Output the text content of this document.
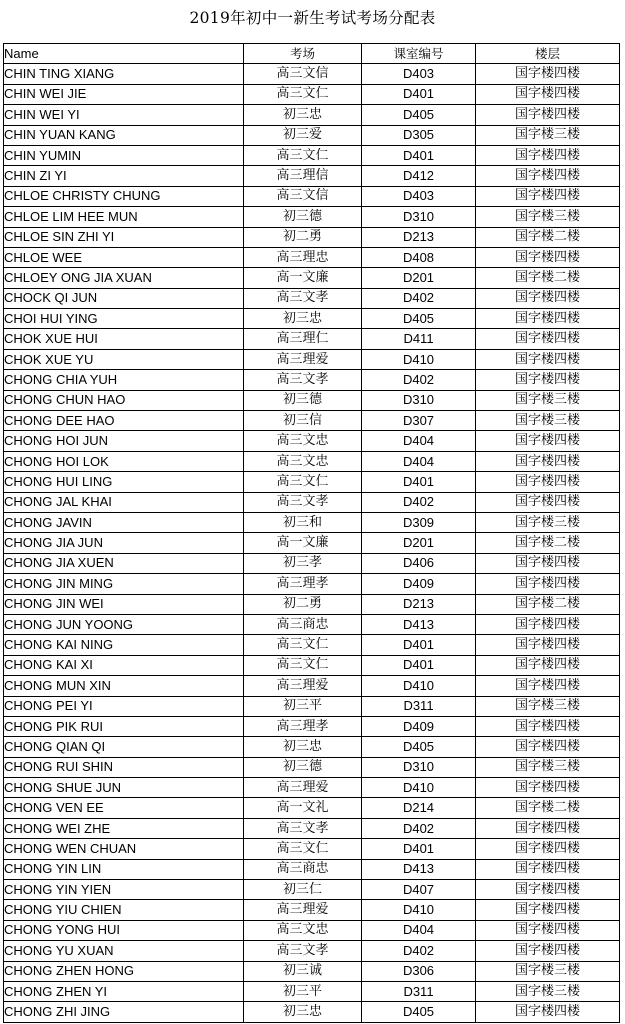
2019年初中一新生考试考场分配表
Name	考场	课室编号	楼层
CHIN TING XIANG	高三文信	D403	国字楼四楼
CHIN WEI JIE	高三文仁	D401	国字楼四楼
CHIN WEI YI	初三忠	D405	国字楼四楼
CHIN YUAN KANG	初三爱	D305	国字楼三楼
CHIN YUMIN	高三文仁	D401	国字楼四楼
CHIN ZI YI	高三理信	D412	国字楼四楼
CHLOE CHRISTY CHUNG	高三文信	D403	国字楼四楼
CHLOE LIM HEE MUN	初三德	D310	国字楼三楼
CHLOE SIN ZHI YI	初二勇	D213	国字楼二楼
CHLOE WEE	高三理忠	D408	国字楼四楼
CHLOEY ONG JIA XUAN	高一文廉	D201	国字楼二楼
CHOCK QI JUN	高三文孝	D402	国字楼四楼
CHOI HUI YING	初三忠	D405	国字楼四楼
CHOK XUE HUI	高三理仁	D411	国字楼四楼
CHOK XUE YU	高三理爱	D410	国字楼四楼
CHONG CHIA YUH	高三文孝	D402	国字楼四楼
CHONG CHUN HAO	初三德	D310	国字楼三楼
CHONG DEE HAO	初三信	D307	国字楼三楼
CHONG HOI JUN	高三文忠	D404	国字楼四楼
CHONG HOI LOK	高三文忠	D404	国字楼四楼
CHONG HUI LING	高三文仁	D401	国字楼四楼
CHONG JAL KHAI	高三文孝	D402	国字楼四楼
CHONG JAVIN	初三和	D309	国字楼三楼
CHONG JIA JUN	高一文廉	D201	国字楼二楼
CHONG JIA XUEN	初三孝	D406	国字楼四楼
CHONG JIN MING	高三理孝	D409	国字楼四楼
CHONG JIN WEI	初二勇	D213	国字楼二楼
CHONG JUN YOONG	高三商忠	D413	国字楼四楼
CHONG KAI NING	高三文仁	D401	国字楼四楼
CHONG KAI XI	高三文仁	D401	国字楼四楼
CHONG MUN XIN	高三理爱	D410	国字楼四楼
CHONG PEI YI	初三平	D311	国字楼三楼
CHONG PIK RUI	高三理孝	D409	国字楼四楼
CHONG QIAN QI	初三忠	D405	国字楼四楼
CHONG RUI SHIN	初三德	D310	国字楼三楼
CHONG SHUE JUN	高三理爱	D410	国字楼四楼
CHONG VEN EE	高一文礼	D214	国字楼二楼
CHONG WEI ZHE	高三文孝	D402	国字楼四楼
CHONG WEN CHUAN	高三文仁	D401	国字楼四楼
CHONG YIN LIN	高三商忠	D413	国字楼四楼
CHONG YIN YIEN	初三仁	D407	国字楼四楼
CHONG YIU CHIEN	高三理爱	D410	国字楼四楼
CHONG YONG HUI	高三文忠	D404	国字楼四楼
CHONG YU XUAN	高三文孝	D402	国字楼四楼
CHONG ZHEN HONG	初三诚	D306	国字楼三楼
CHONG ZHEN YI	初三平	D311	国字楼三楼
CHONG ZHI JING	初三忠	D405	国字楼四楼
